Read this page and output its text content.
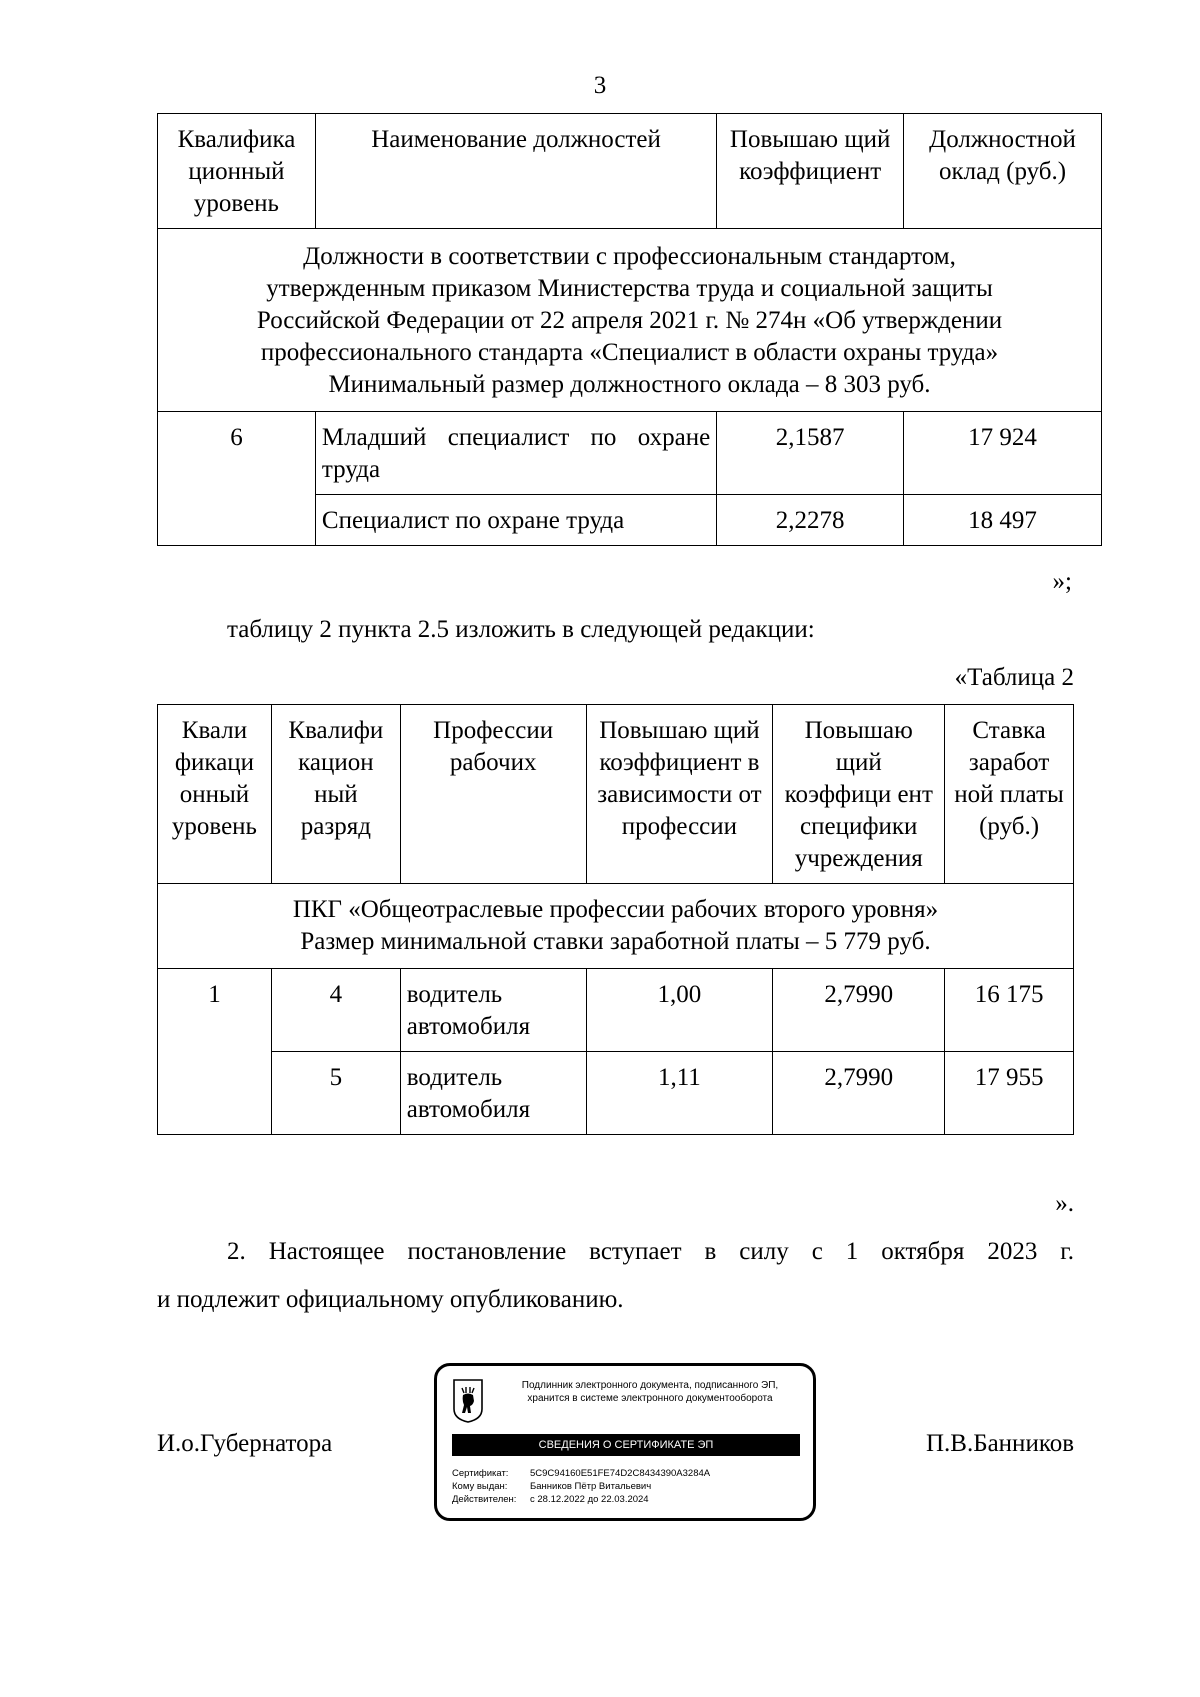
3
Квалифика ционный уровень	Наименование должностей	Повышаю щий коэффициент	Должностной оклад (руб.)

Должности в соответствии с профессиональным стандартом,
утвержденным приказом Министерства труда и социальной защиты
Российской Федерации от 22 апреля 2021 г. № 274н «Об утверждении
профессионального стандарта «Специалист в области охраны труда»
Минимальный размер должностного оклада – 8 303 руб.			

6	Младший специалист по охране труда	2,1587	17 924
	Специалист по охране труда	2,2278	18 497
»;
таблицу 2 пункта 2.5 изложить в следующей редакции:
«Таблица 2
Квали фикаци онный уровень	Квалифи кацион ный разряд	Профессии рабочих	Повышаю щий коэффициент в зависимости от профессии	Повышаю щий коэффици ент специфики учреждения	Ставка заработ ной платы (руб.)

ПКГ «Общеотраслевые профессии рабочих второго уровня»
Размер минимальной ставки заработной платы – 5 779 руб.					

1	4	водитель автомобиля	1,00	2,7990	16 175
	5	водитель автомобиля	1,11	2,7990	17 955
».
2. Настоящее постановление вступает в силу с 1 октября 2023 г.
и подлежит официальному опубликованию.
И.о.Губернатора	П.В.Банников
Подлинник электронного документа, подписанного ЭП,
хранится в системе электронного документооборота
СВЕДЕНИЯ О СЕРТИФИКАТЕ ЭП
Сертификат: 5C9C94160E51FE74D2C8434390A3284A
Кому выдан: Банников Пётр Витальевич
Действителен: с 28.12.2022 до 22.03.2024
